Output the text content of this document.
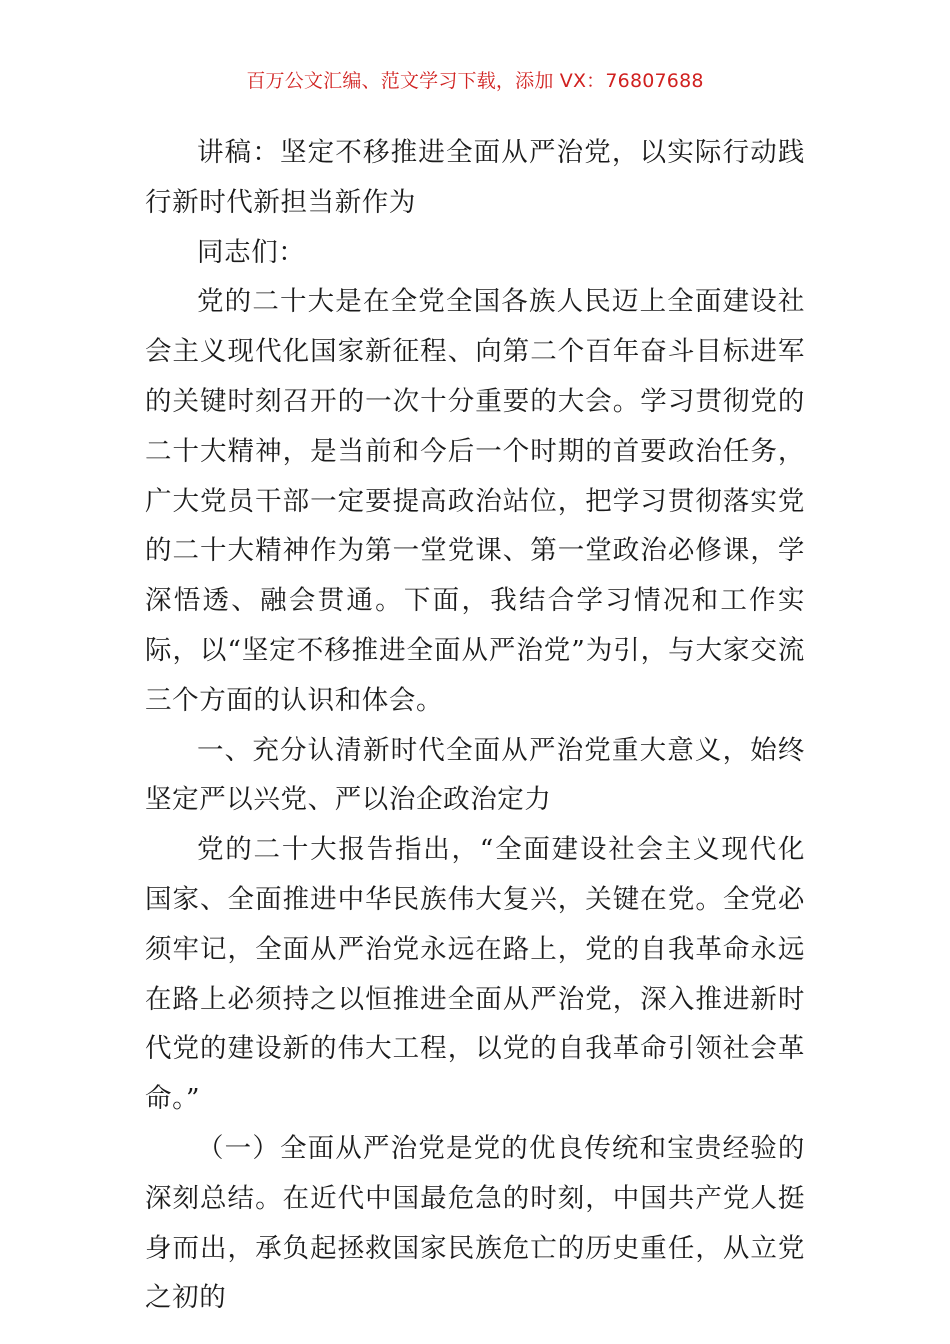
百万公文汇编、范文学习下载，添加 VX：76807688

讲稿：坚定不移推进全面从严治党，以实际行动践行新时代新担当新作为

同志们：

党的二十大是在全党全国各族人民迈上全面建设社会主义现代化国家新征程、向第二个百年奋斗目标进军的关键时刻召开的一次十分重要的大会。学习贯彻党的二十大精神，是当前和今后一个时期的首要政治任务，广大党员干部一定要提高政治站位，把学习贯彻落实党的二十大精神作为第一堂党课、第一堂政治必修课，学深悟透、融会贯通。下面，我结合学习情况和工作实际，以“坚定不移推进全面从严治党”为引，与大家交流三个方面的认识和体会。

一、充分认清新时代全面从严治党重大意义，始终坚定严以兴党、严以治企政治定力

党的二十大报告指出，“全面建设社会主义现代化国家、全面推进中华民族伟大复兴，关键在党。全党必须牢记，全面从严治党永远在路上，党的自我革命永远在路上必须持之以恒推进全面从严治党，深入推进新时代党的建设新的伟大工程，以党的自我革命引领社会革命。”

（一）全面从严治党是党的优良传统和宝贵经验的深刻总结。在近代中国最危急的时刻，中国共产党人挺身而出，承负起拯救国家民族危亡的历史重任，从立党之初的
